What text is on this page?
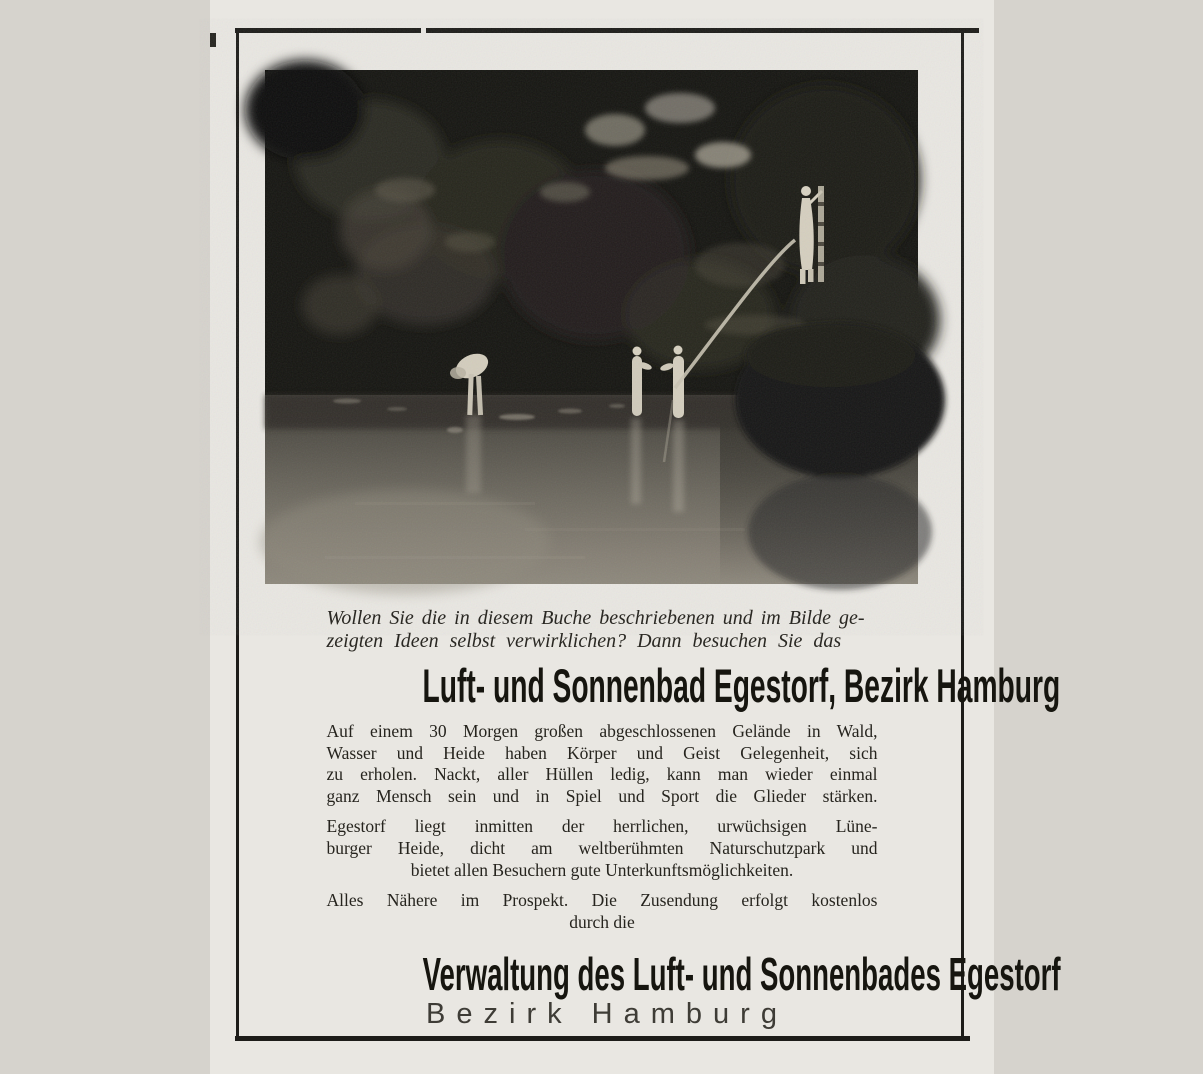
Wollen Sie die in diesem Buche beschriebenen und im Bilde ge-
zeigten Ideen selbst verwirklichen? Dann besuchen Sie das
Luft- und Sonnenbad Egestorf, Bezirk Hamburg
Auf einem 30 Morgen großen abgeschlossenen Gelände in Wald,
Wasser und Heide haben Körper und Geist Gelegenheit, sich
zu erholen. Nackt, aller Hüllen ledig, kann man wieder einmal
ganz Mensch sein und in Spiel und Sport die Glieder stärken.
Egestorf liegt inmitten der herrlichen, urwüchsigen Lüne-
burger Heide, dicht am weltberühmten Naturschutzpark und
bietet allen Besuchern gute Unterkunftsmöglichkeiten.
Alles Nähere im Prospekt. Die Zusendung erfolgt kostenlos
durch die
Verwaltung des Luft- und Sonnenbades Egestorf
Bezirk Hamburg
